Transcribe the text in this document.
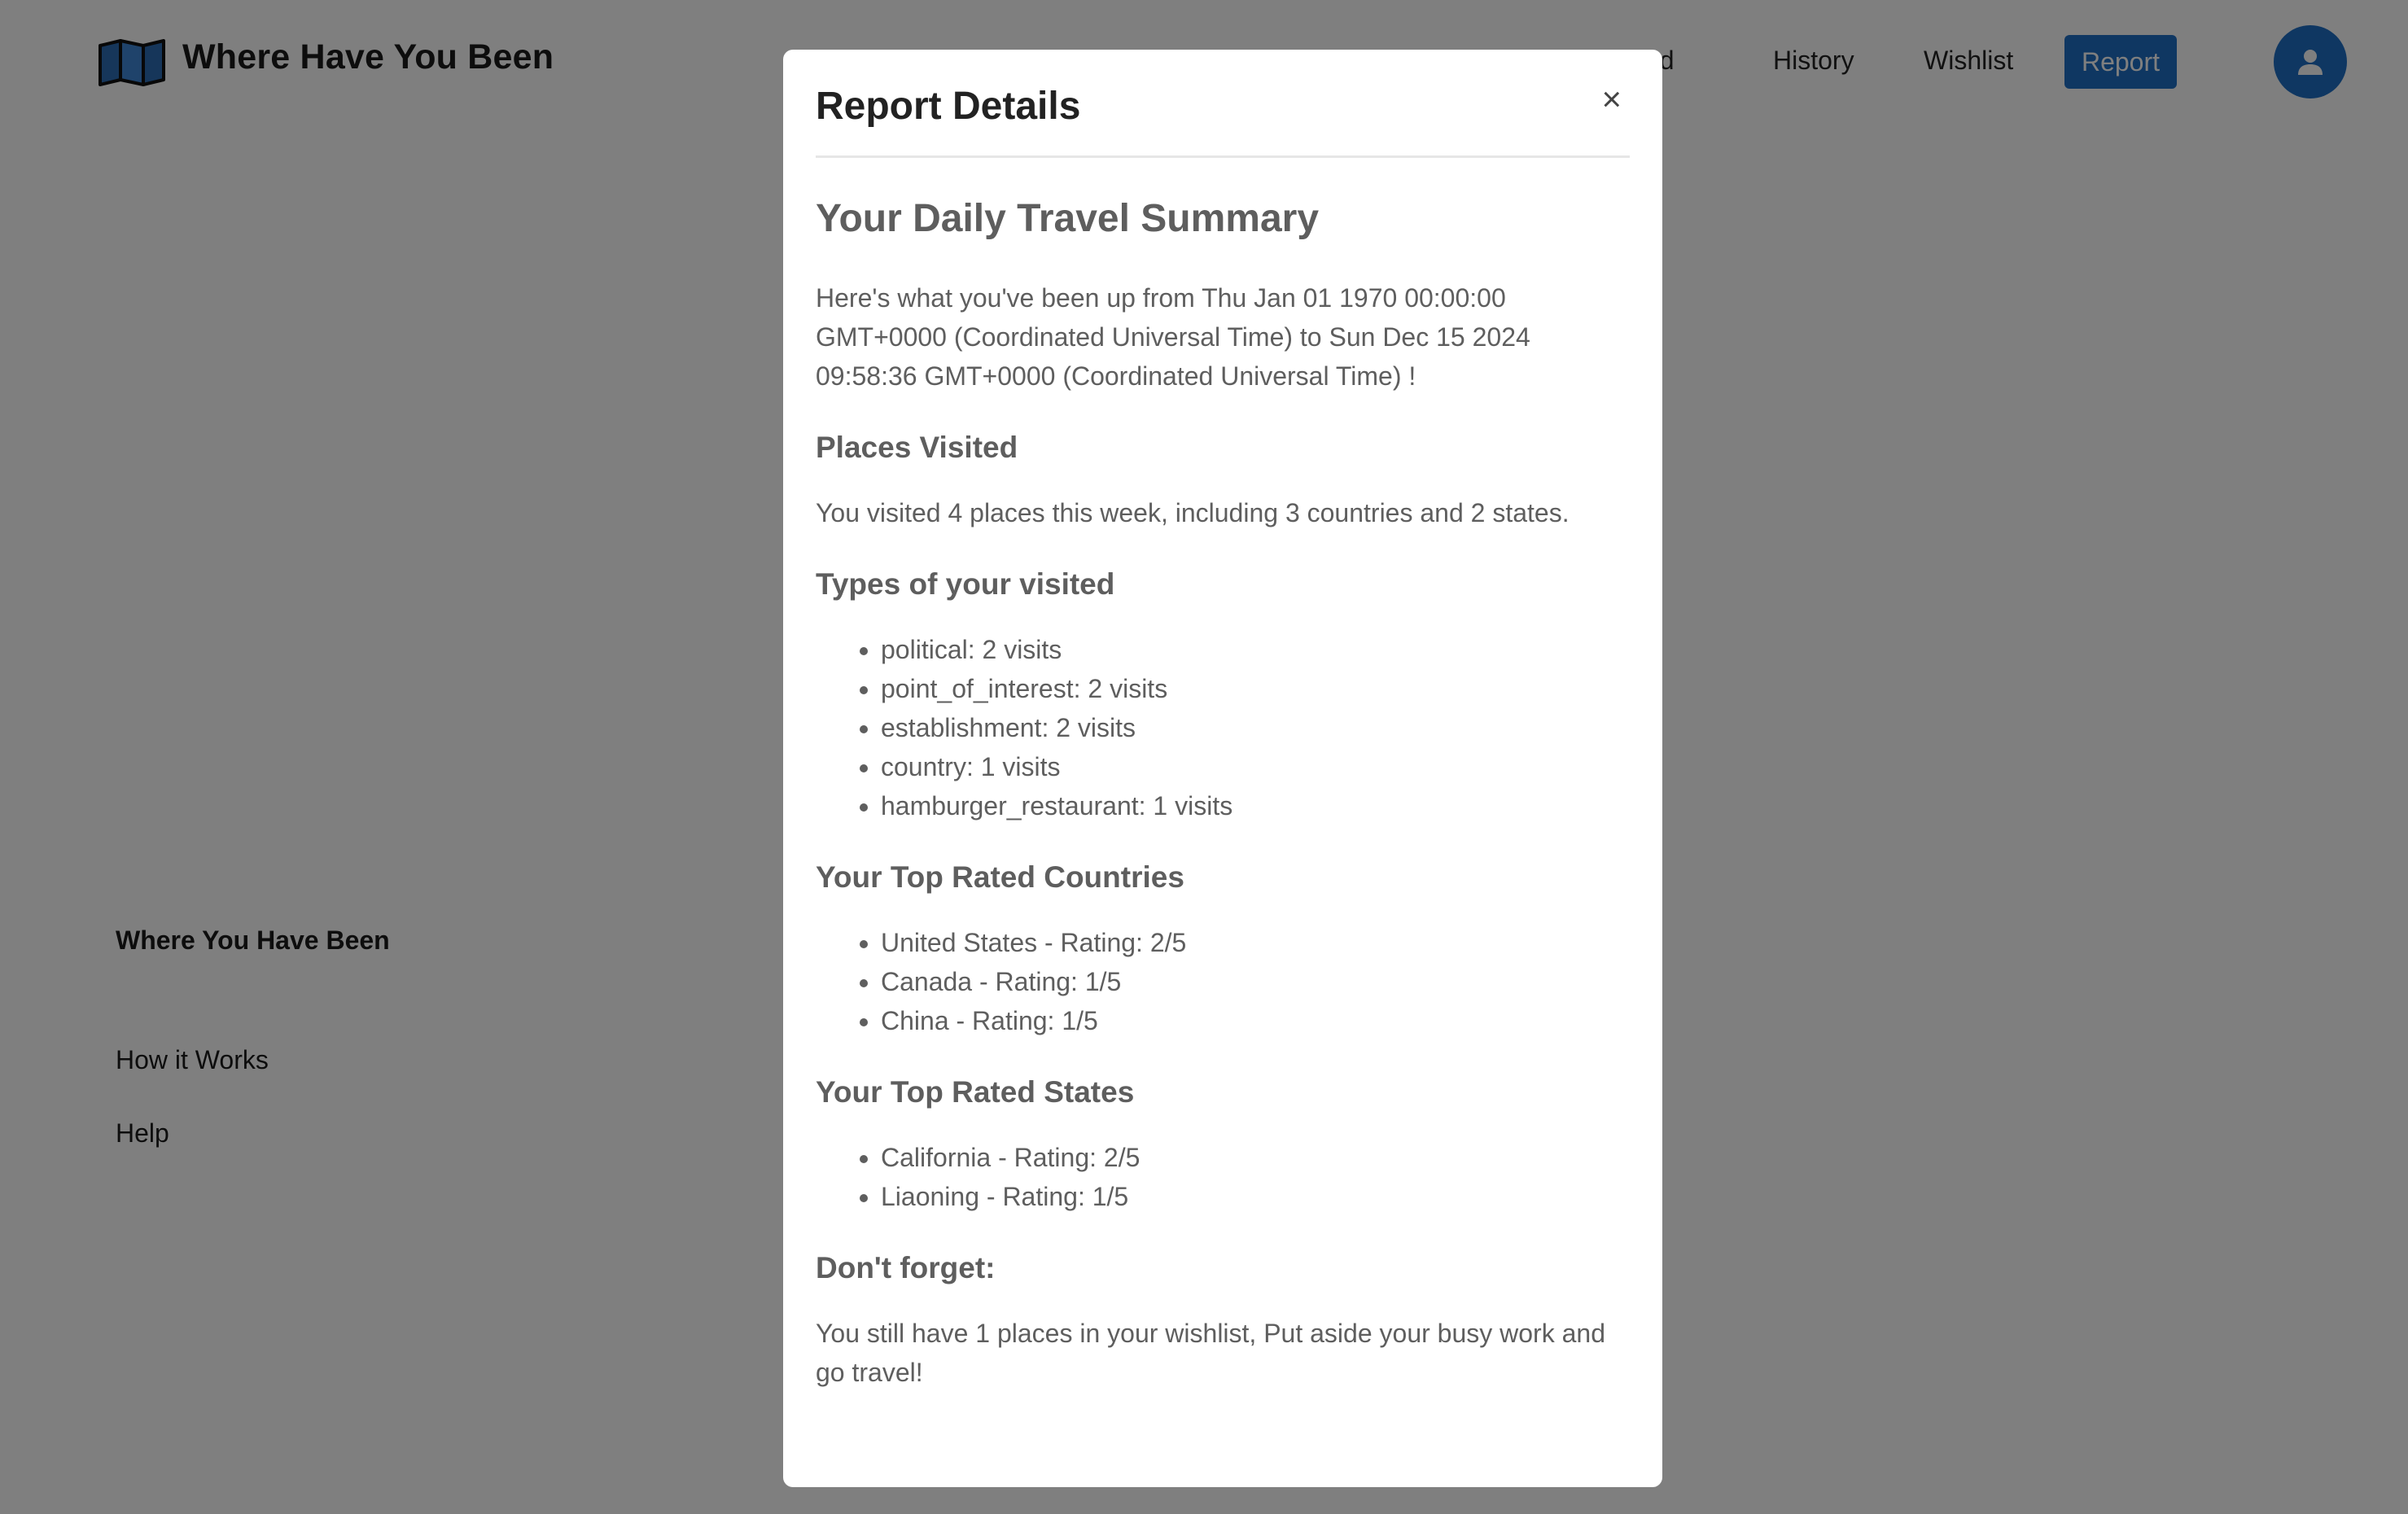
Report Details	×
Your Daily Travel Summary

Here's what you've been up from Thu Jan 01 1970 00:00:00 GMT+0000 (Coordinated Universal Time) to Sun Dec 15 2024 09:58:36 GMT+0000 (Coordinated Universal Time) !

Places Visited

You visited 4 places this week, including 3 countries and 2 states.

Types of your visited
• political: 2 visits
• point_of_interest: 2 visits
• establishment: 2 visits
• country: 1 visits
• hamburger_restaurant: 1 visits
Your Top Rated Countries
• United States - Rating: 2/5
• Canada - Rating: 1/5
• China - Rating: 1/5
Your Top Rated States
• California - Rating: 2/5
• Liaoning - Rating: 1/5
Don't forget:

You still have 1 places in your wishlist, Put aside your busy work and go travel!
